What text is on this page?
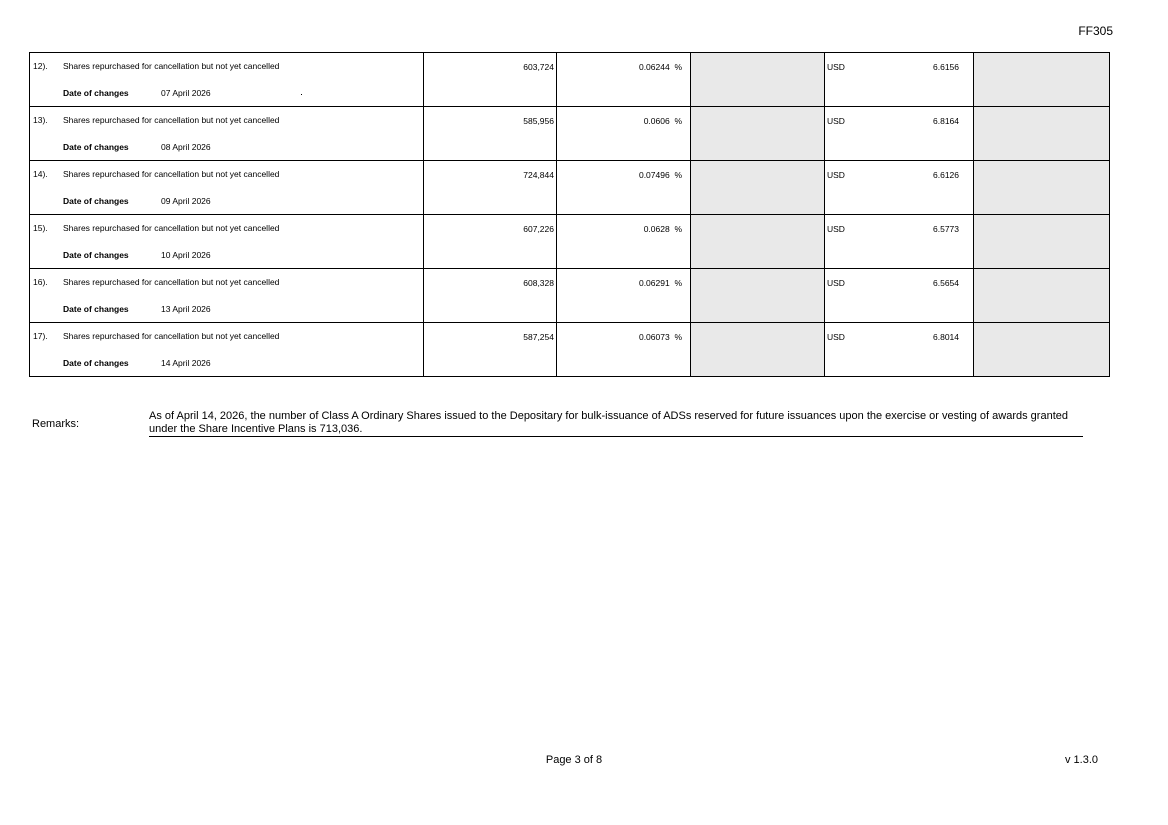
FF305
12). Shares repurchased for cancellation but not yet cancelled
Date of changes 07 April 2026	603,724	0.06244 %		USD 6.6156	

13). Shares repurchased for cancellation but not yet cancelled
Date of changes 08 April 2026	585,956	0.0606 %		USD 6.8164	

14). Shares repurchased for cancellation but not yet cancelled
Date of changes 09 April 2026	724,844	0.07496 %		USD 6.6126	

15). Shares repurchased for cancellation but not yet cancelled
Date of changes 10 April 2026	607,226	0.0628 %		USD 6.5773	

16). Shares repurchased for cancellation but not yet cancelled
Date of changes 13 April 2026	608,328	0.06291 %		USD 6.5654	

17). Shares repurchased for cancellation but not yet cancelled
Date of changes 14 April 2026	587,254	0.06073 %		USD 6.8014	

Remarks:
As of April 14, 2026, the number of Class A Ordinary Shares issued to the Depositary for bulk-issuance of ADSs reserved for future issuances upon the exercise or vesting of awards granted under the Share Incentive Plans is 713,036.
Page 3 of 8	v 1.3.0
